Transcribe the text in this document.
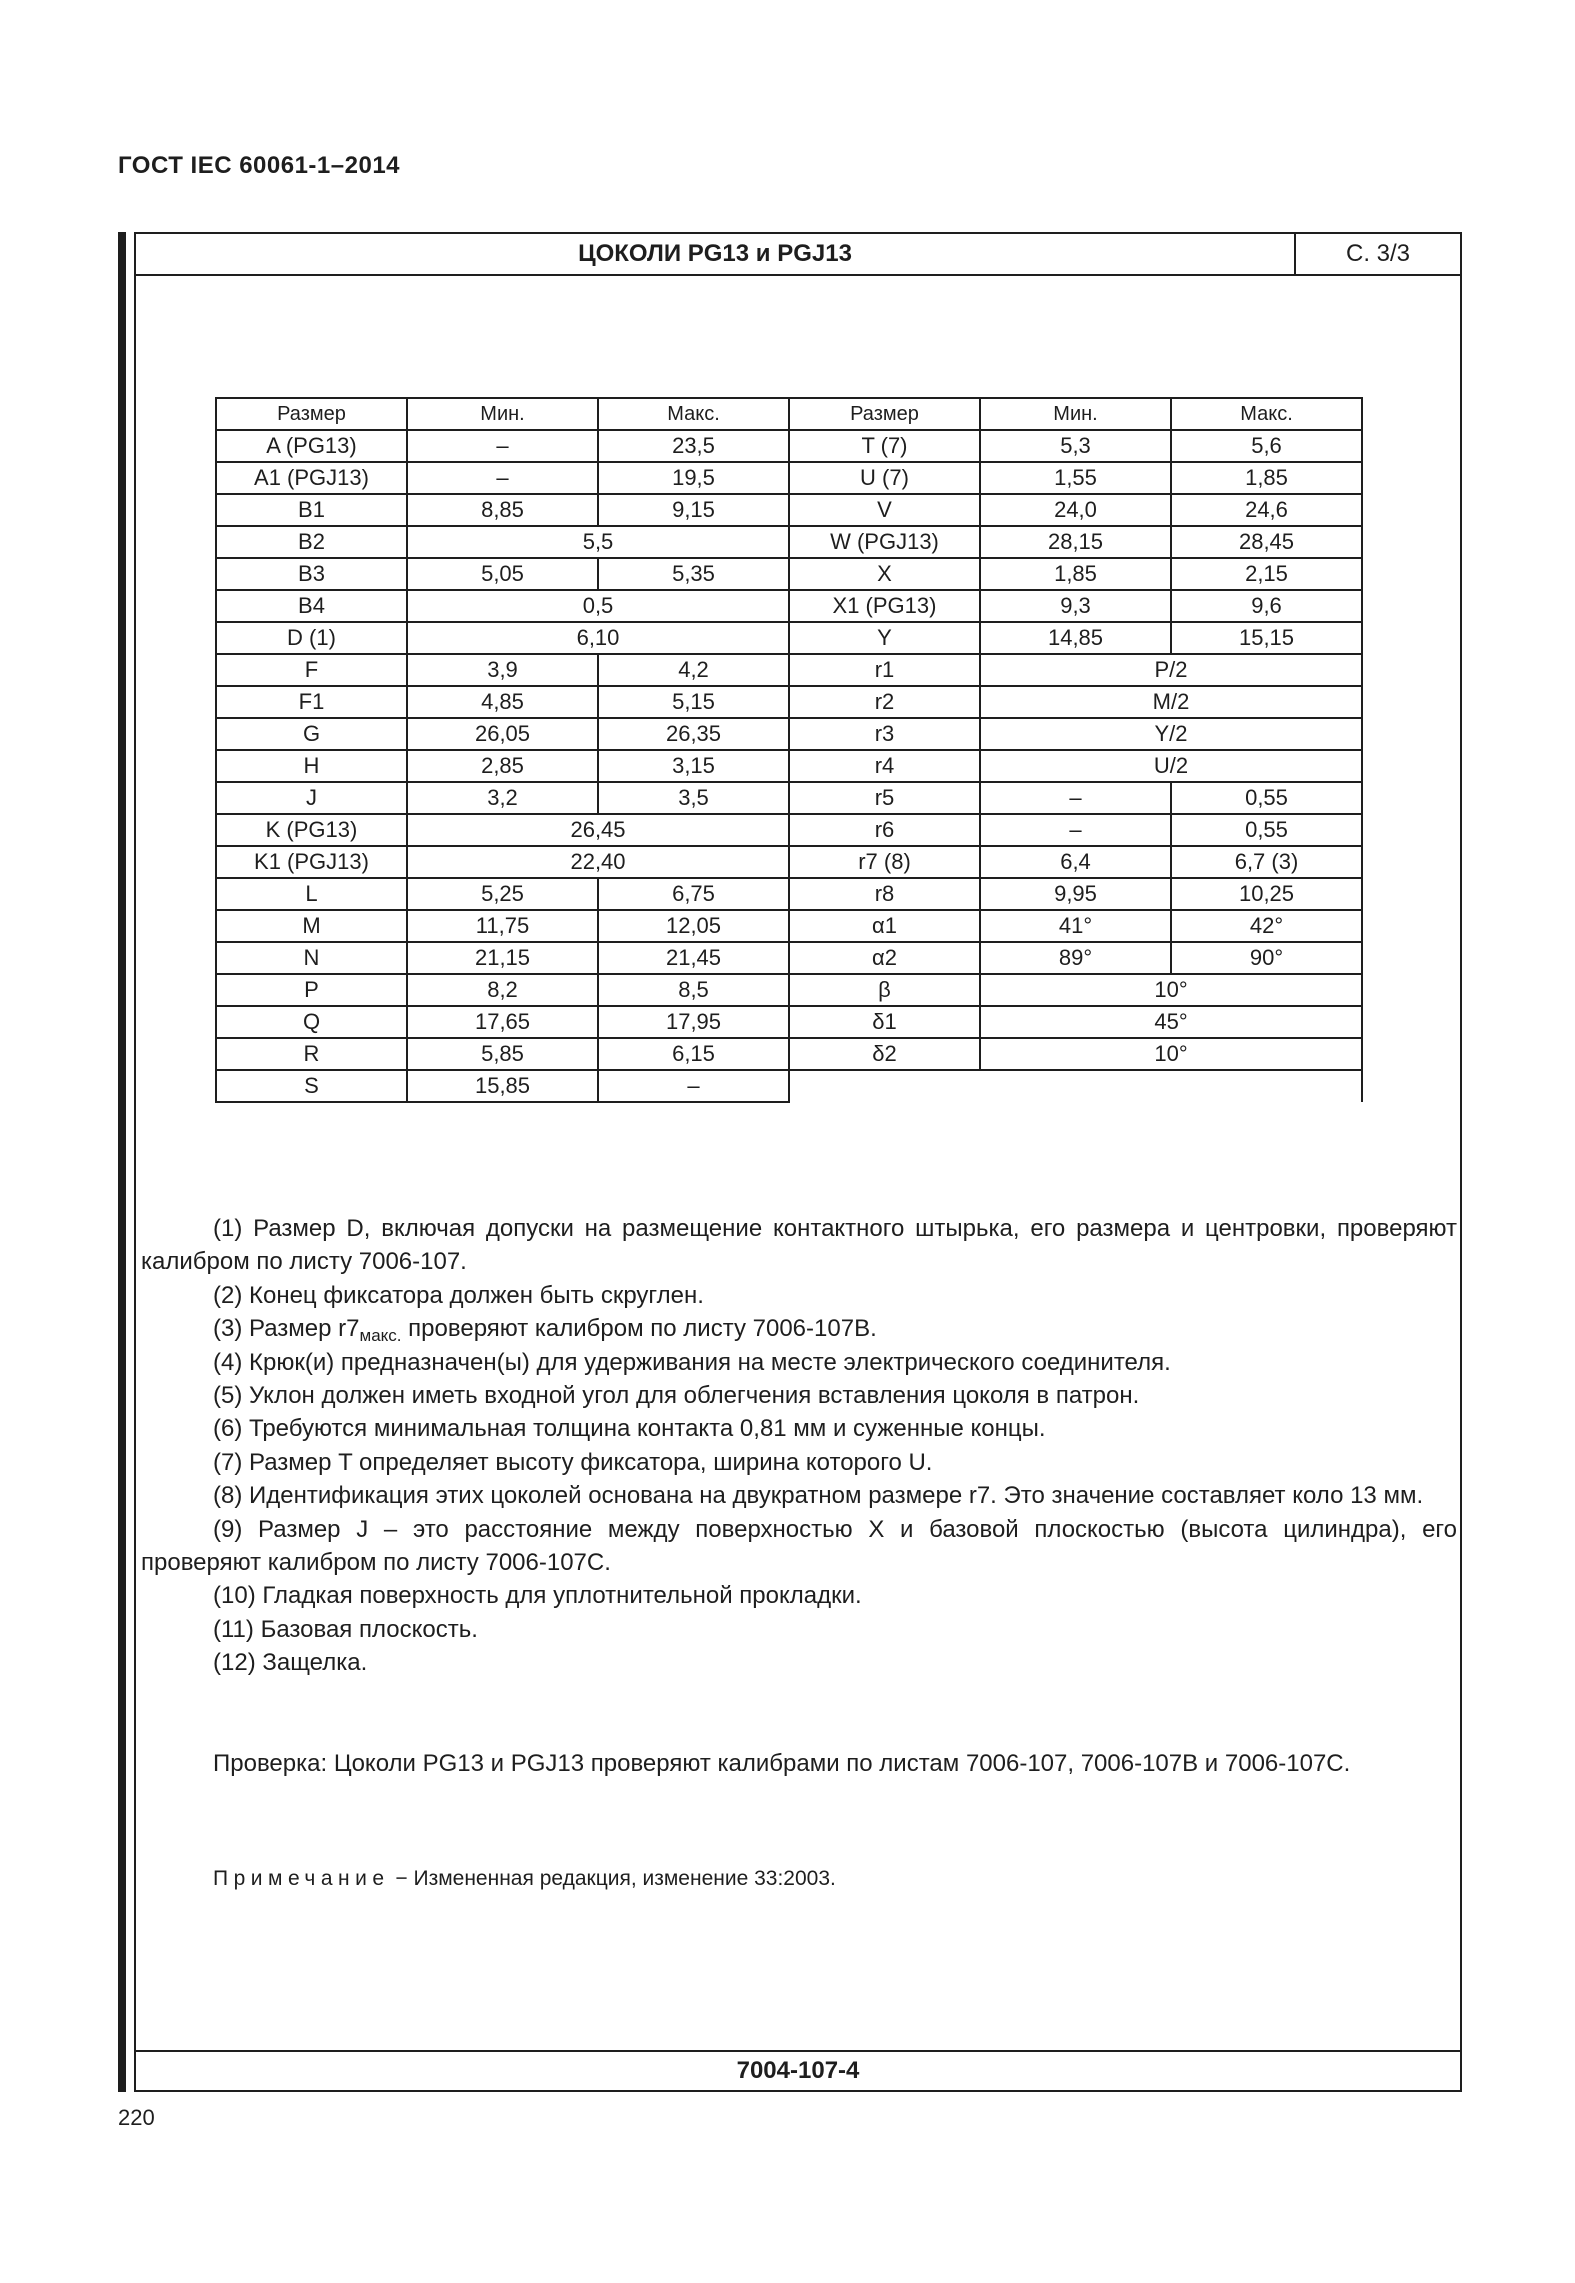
ГОСТ IEC 60061-1–2014
ЦОКОЛИ PG13 и PGJ13	С. 3/3
Размер	Мин.	Макс.	Размер	Мин.	Макс.
A (PG13)	–	23,5	T (7)	5,3	5,6
A1 (PGJ13)	–	19,5	U (7)	1,55	1,85
B1	8,85	9,15	V	24,0	24,6
B2	5,5		W (PGJ13)	28,15	28,45
B3	5,05	5,35	X	1,85	2,15
B4	0,5		X1 (PG13)	9,3	9,6
D (1)	6,10		Y	14,85	15,15
F	3,9	4,2	r1	P/2	
F1	4,85	5,15	r2	M/2	
G	26,05	26,35	r3	Y/2	
H	2,85	3,15	r4	U/2	
J	3,2	3,5	r5	–	0,55
K (PG13)	26,45		r6	–	0,55
K1 (PGJ13)	22,40		r7 (8)	6,4	6,7 (3)
L	5,25	6,75	r8	9,95	10,25
M	11,75	12,05	α1	41°	42°
N	21,15	21,45	α2	89°	90°
P	8,2	8,5	β	10°	
Q	17,65	17,95	δ1	45°	
R	5,85	6,15	δ2	10°	
S	15,85	–			
7004-107-4

(1) Размер D, включая допуски на размещение контактного штырька, его размера и центровки, проверяют калибром по листу 7006-107.

(2) Конец фиксатора должен быть скруглен.

(3) Размер $r7_{макс.}$ проверяют калибром по листу 7006-107B.

(4) Крюк(и) предназначен(ы) для удерживания на месте электрического соединителя.

(5) Уклон должен иметь входной угол для облегчения вставления цоколя в патрон.

(6) Требуются минимальная толщина контакта 0,81 мм и суженные концы.

(7) Размер T определяет высоту фиксатора, ширина которого U.

(8) Идентификация этих цоколей основана на двукратном размере r7. Это значение составляет коло 13 мм.

(9) Размер J – это расстояние между поверхностью X и базовой плоскостью (высота цилиндра), его проверяют калибром по листу 7006-107C.

(10) Гладкая поверхность для уплотнительной прокладки.

(11) Базовая плоскость.

(12) Защелка.

Проверка: Цоколи PG13 и PGJ13 проверяют калибрами по листам 7006-107, 7006-107B и 7006-107C.

Примечание − Измененная редакция, изменение 33:2003.

220
